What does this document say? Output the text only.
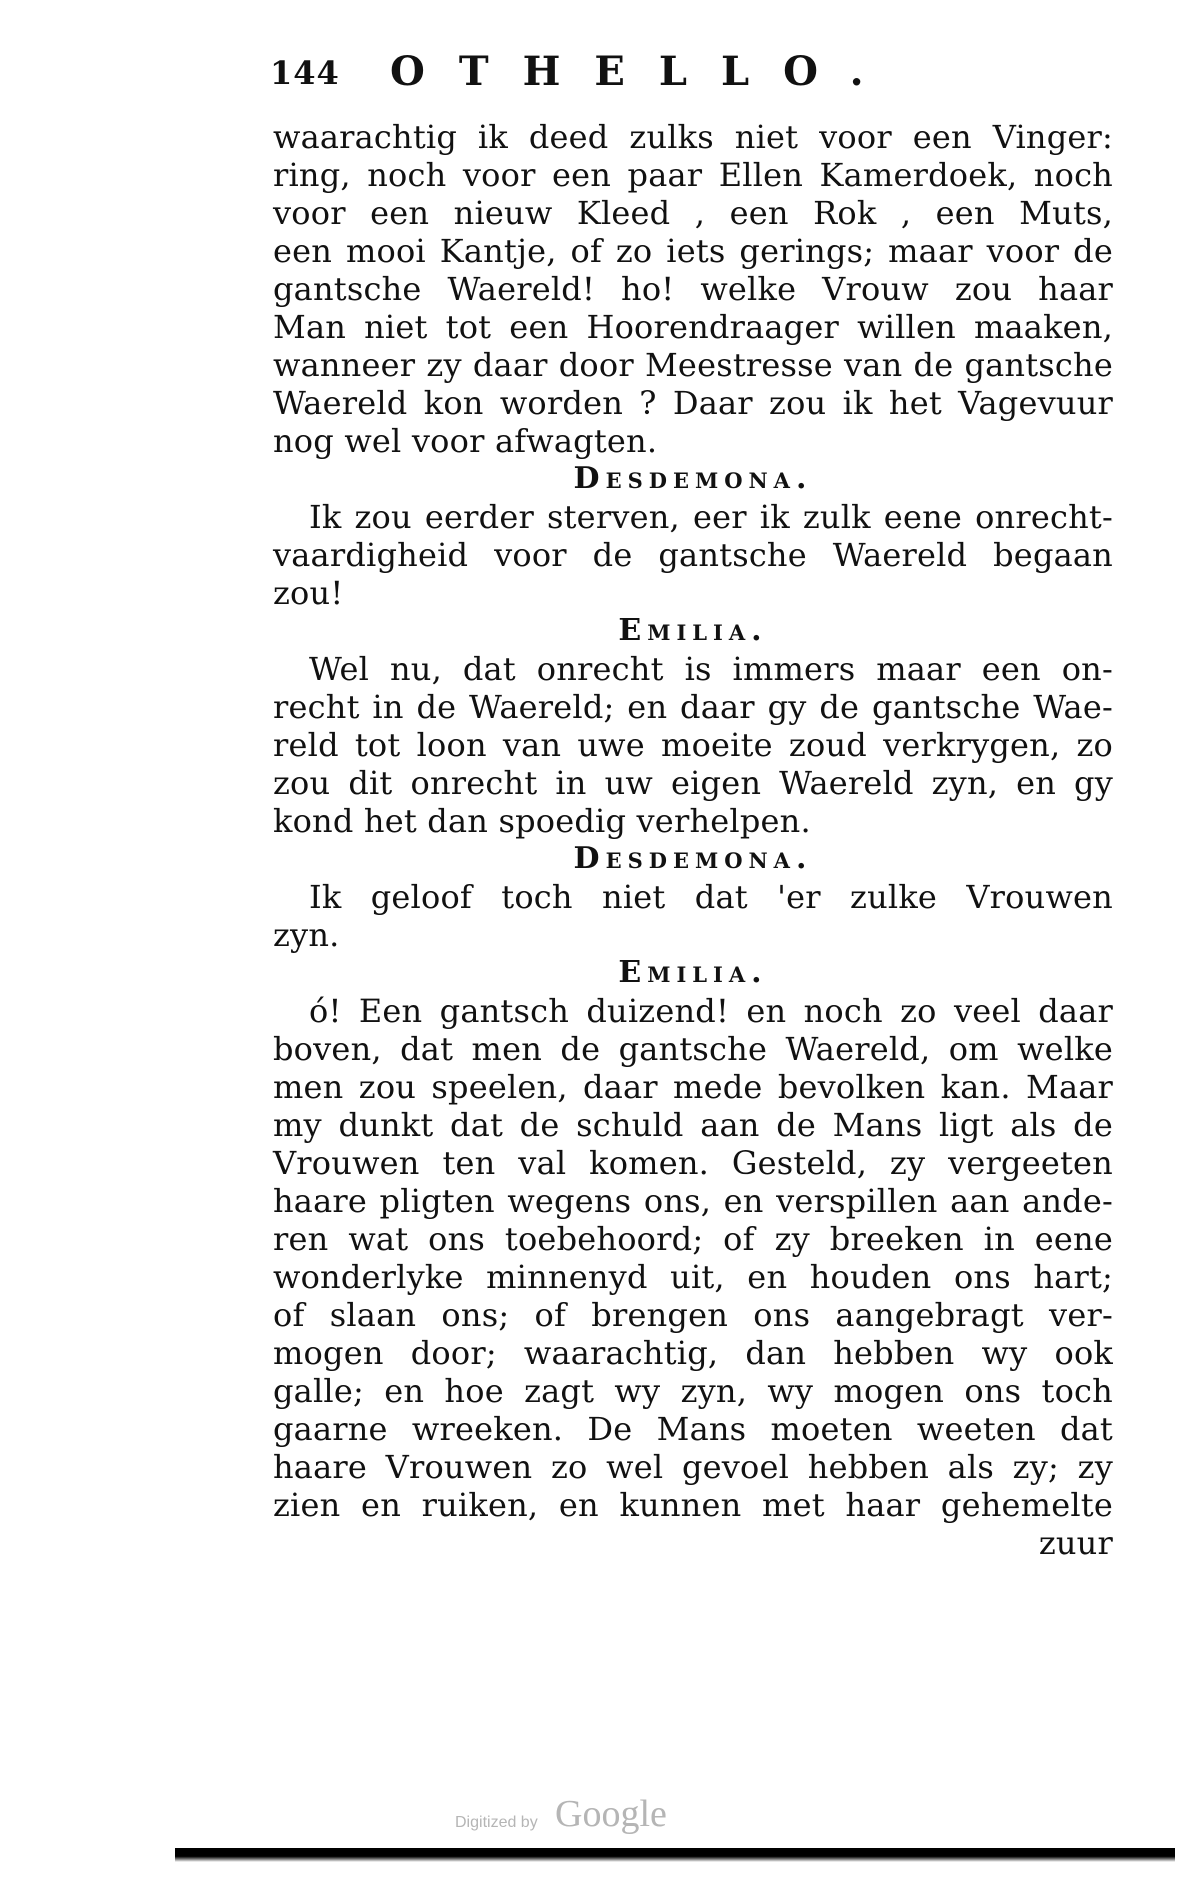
144 OTHELLO.
waarachtig ik deed zulks niet voor een Vinger:
ring, noch voor een paar Ellen Kamerdoek, noch
voor een nieuw Kleed , een Rok , een Muts,
een mooi Kantje, of zo iets gerings; maar voor de
gantsche Waereld! ho! welke Vrouw zou haar
Man niet tot een Hoorendraager willen maaken,
wanneer zy daar door Meestresse van de gantsche
Waereld kon worden ? Daar zou ik het Vagevuur
nog wel voor afwagten.
Desdemona.
Ik zou eerder sterven, eer ik zulk eene onrecht-
vaardigheid voor de gantsche Waereld begaan
zou!
Emilia.
Wel nu, dat onrecht is immers maar een on-
recht in de Waereld; en daar gy de gantsche Wae-
reld tot loon van uwe moeite zoud verkrygen, zo
zou dit onrecht in uw eigen Waereld zyn, en gy
kond het dan spoedig verhelpen.
Desdemona.
Ik geloof toch niet dat 'er zulke Vrouwen
zyn.
Emilia.
ó! Een gantsch duizend! en noch zo veel daar
boven, dat men de gantsche Waereld, om welke
men zou speelen, daar mede bevolken kan. Maar
my dunkt dat de schuld aan de Mans ligt als de
Vrouwen ten val komen. Gesteld, zy vergeeten
haare pligten wegens ons, en verspillen aan ande-
ren wat ons toebehoord; of zy breeken in eene
wonderlyke minnenyd uit, en houden ons hart;
of slaan ons; of brengen ons aangebragt ver-
mogen door; waarachtig, dan hebben wy ook
galle; en hoe zagt wy zyn, wy mogen ons toch
gaarne wreeken. De Mans moeten weeten dat
haare Vrouwen zo wel gevoel hebben als zy; zy
zien en ruiken, en kunnen met haar gehemelte
zuur
Digitized by Google
